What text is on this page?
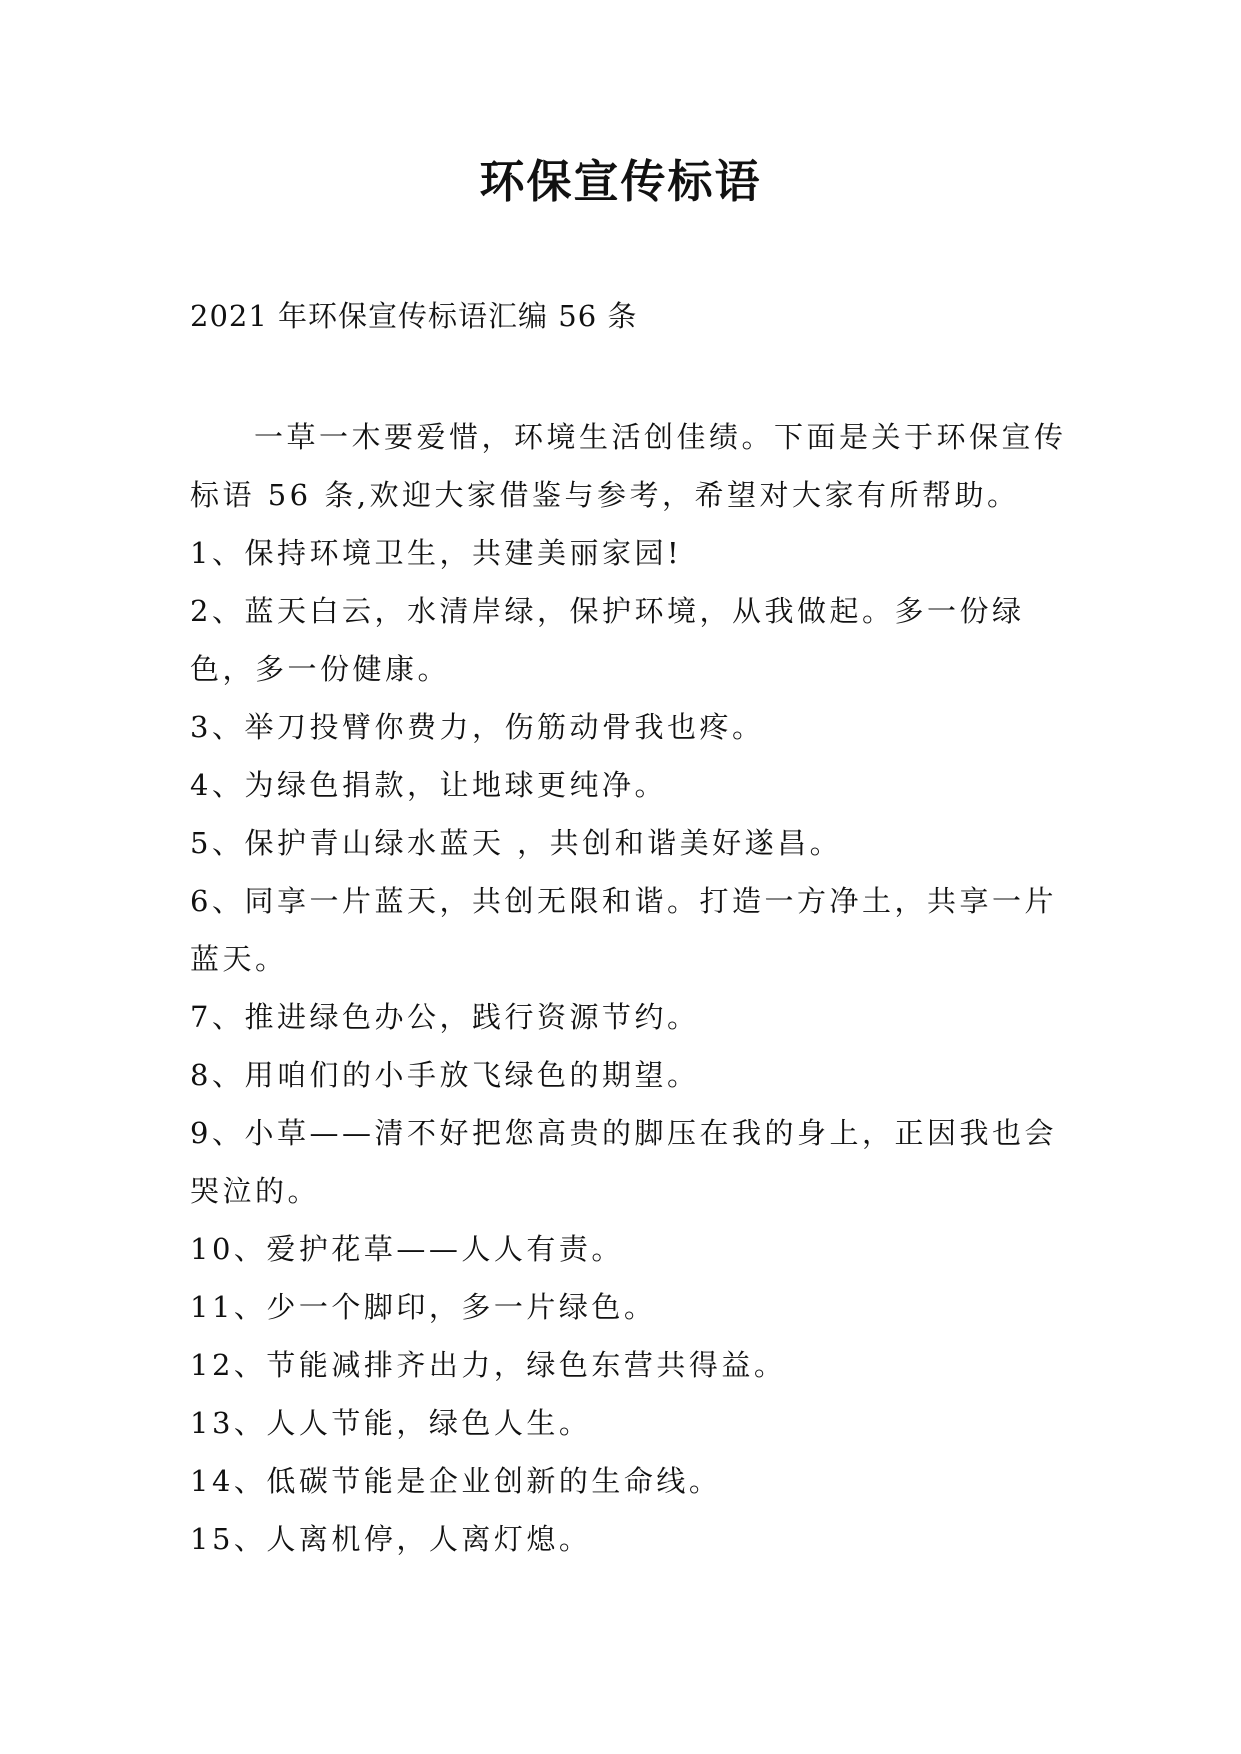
环保宣传标语
2021 年环保宣传标语汇编 56 条

一草一木要爱惜，环境生活创佳绩。下面是关于环保宣传标语 56 条,欢迎大家借鉴与参考，希望对大家有所帮助。

1、保持环境卫生，共建美丽家园!
2、蓝天白云，水清岸绿，保护环境，从我做起。多一份绿色，多一份健康。
3、举刀投臂你费力，伤筋动骨我也疼。
4、为绿色捐款，让地球更纯净。
5、保护青山绿水蓝天 ，共创和谐美好遂昌。
6、同享一片蓝天，共创无限和谐。打造一方净土，共享一片蓝天。
7、推进绿色办公，践行资源节约。
8、用咱们的小手放飞绿色的期望。
9、小草——清不好把您高贵的脚压在我的身上，正因我也会哭泣的。
10、爱护花草——人人有责。
11、少一个脚印，多一片绿色。
12、节能减排齐出力，绿色东营共得益。
13、人人节能，绿色人生。
14、低碳节能是企业创新的生命线。
15、人离机停，人离灯熄。
